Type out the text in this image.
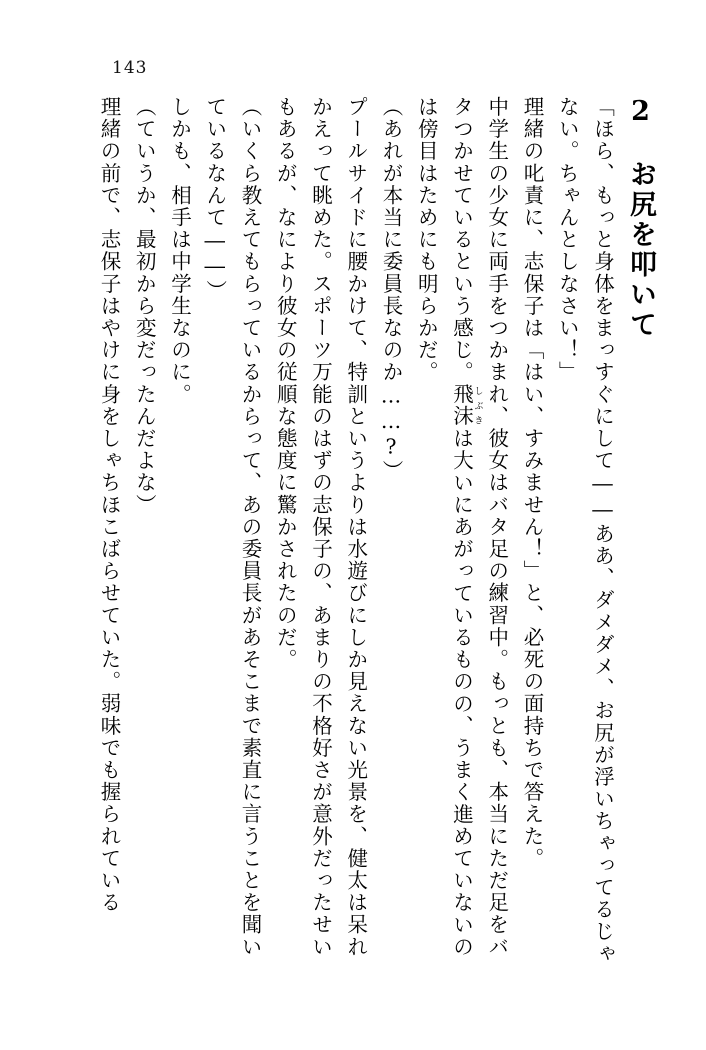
143
2　お尻を叩いて
「ほら、もっと身体をまっすぐにして――ああ、ダメダメ、お尻が浮いちゃってるじゃない。ちゃんとしなさい！」
理緒の叱責に、志保子は「はい、すみません！」と、必死の面持ちで答えた。
中学生の少女に両手をつかまれ、彼女はバタ足の練習中。もっとも、本当にただ足をバタつかせているという感じ。飛沫 しぶきは大いにあがっているものの、うまく進めていないのは傍目はためにも明らかだ。
（あれが本当に委員長なのか……?）
プールサイドに腰かけて、特訓というよりは水遊びにしか見えない光景を、健太は呆れかえって眺めた。スポーツ万能のはずの志保子の、あまりの不格好さが意外だったせいもあるが、なにより彼女の従順な態度に驚かされたのだ。
（いくら教えてもらっているからって、あの委員長があそこまで素直に言うことを聞いているなんて――）
しかも、相手は中学生なのに。
（ていうか、最初から変だったんだよな）
理緒の前で、志保子はやけに身をしゃちほこばらせていた。弱味でも握られている
